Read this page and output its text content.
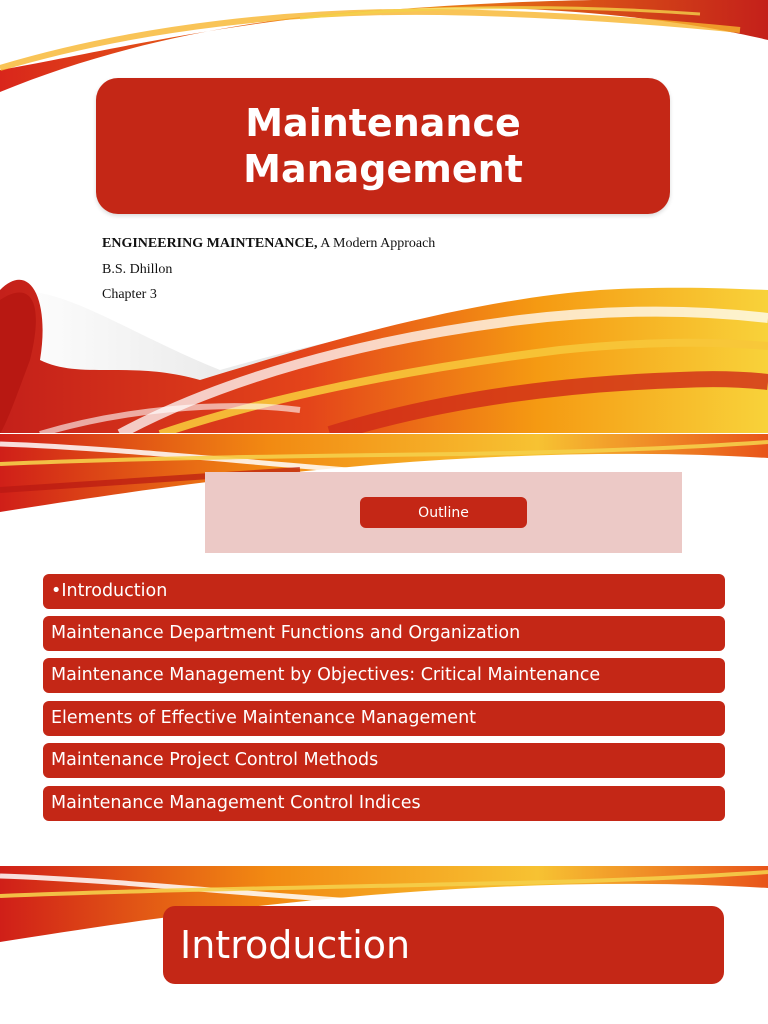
Maintenance
Management
ENGINEERING MAINTENANCE, A Modern Approach
B.S. Dhillon
Chapter 3
Outline
•Introduction
Maintenance Department Functions and Organization
Maintenance Management by Objectives: Critical Maintenance
Elements of Effective Maintenance Management
Maintenance Project Control Methods
Maintenance Management Control Indices
Introduction
